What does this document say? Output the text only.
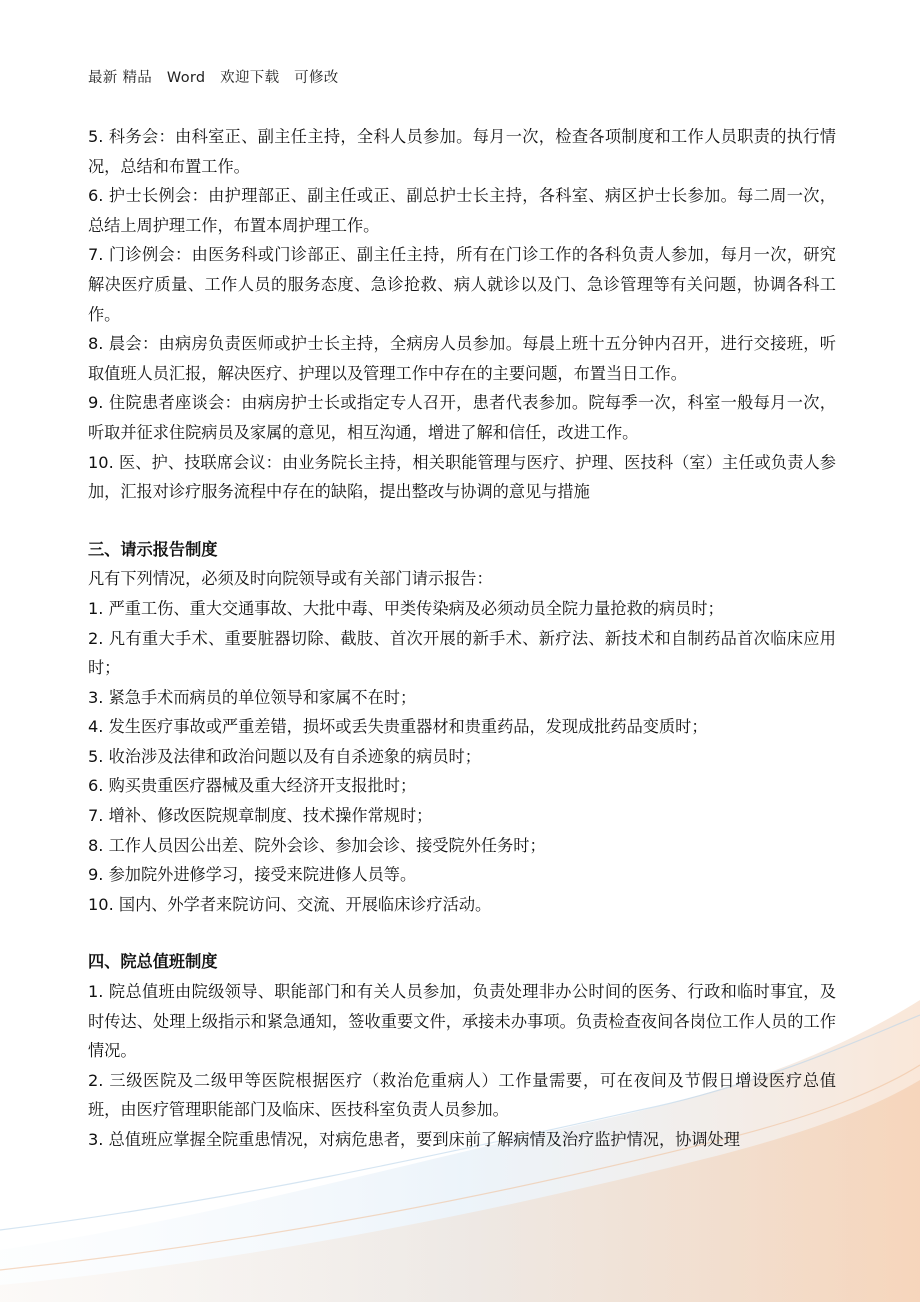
最新 精品　Word　欢迎下载　可修改

5. 科务会：由科室正、副主任主持，全科人员参加。每月一次，检查各项制度和工作人员职责的执行情况，总结和布置工作。

6. 护士长例会：由护理部正、副主任或正、副总护士长主持，各科室、病区护士长参加。每二周一次，总结上周护理工作，布置本周护理工作。

7. 门诊例会：由医务科或门诊部正、副主任主持，所有在门诊工作的各科负责人参加，每月一次，研究解决医疗质量、工作人员的服务态度、急诊抢救、病人就诊以及门、急诊管理等有关问题，协调各科工作。

8. 晨会：由病房负责医师或护士长主持，全病房人员参加。每晨上班十五分钟内召开，进行交接班，听取值班人员汇报，解决医疗、护理以及管理工作中存在的主要问题，布置当日工作。

9. 住院患者座谈会：由病房护士长或指定专人召开，患者代表参加。院每季一次，科室一般每月一次，听取并征求住院病员及家属的意见，相互沟通，增进了解和信任，改进工作。

10. 医、护、技联席会议：由业务院长主持，相关职能管理与医疗、护理、医技科（室）主任或负责人参加，汇报对诊疗服务流程中存在的缺陷，提出整改与协调的意见与措施

三、请示报告制度

凡有下列情况，必须及时向院领导或有关部门请示报告：

1. 严重工伤、重大交通事故、大批中毒、甲类传染病及必须动员全院力量抢救的病员时；

2. 凡有重大手术、重要脏器切除、截肢、首次开展的新手术、新疗法、新技术和自制药品首次临床应用时；

3. 紧急手术而病员的单位领导和家属不在时；

4. 发生医疗事故或严重差错，损坏或丢失贵重器材和贵重药品，发现成批药品变质时；

5. 收治涉及法律和政治问题以及有自杀迹象的病员时；

6. 购买贵重医疗器械及重大经济开支报批时；

7. 增补、修改医院规章制度、技术操作常规时；

8. 工作人员因公出差、院外会诊、参加会诊、接受院外任务时；

9. 参加院外进修学习，接受来院进修人员等。

10. 国内、外学者来院访问、交流、开展临床诊疗活动。

四、院总值班制度

1. 院总值班由院级领导、职能部门和有关人员参加，负责处理非办公时间的医务、行政和临时事宜，及时传达、处理上级指示和紧急通知，签收重要文件，承接未办事项。负责检查夜间各岗位工作人员的工作情况。

2. 三级医院及二级甲等医院根据医疗（救治危重病人）工作量需要，可在夜间及节假日增设医疗总值班，由医疗管理职能部门及临床、医技科室负责人员参加。

3. 总值班应掌握全院重患情况，对病危患者，要到床前了解病情及治疗监护情况，协调处理
